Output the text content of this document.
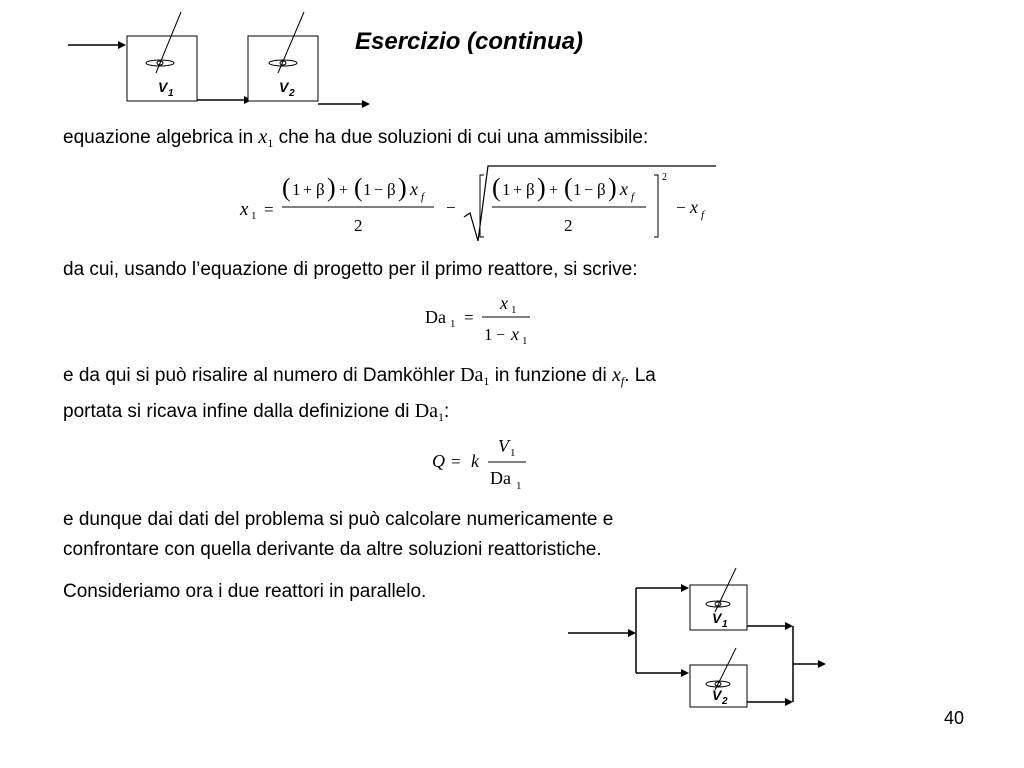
Esercizio (continua)
V 1	V 2
equazione algebrica in $x_1$ che ha due soluzioni di cui una ammissibile:
x 1 =
( 1 + β ) + ( 1 − β ) x f
2
−
( 1 + β ) + ( 1 − β ) x f
2
2
− x f
da cui, usando l’equazione di progetto per il primo reattore, si scrive:
Da 1 =
x 1
1 − x 1
e da qui si può risalire al numero di Damköhler $Da_1$ in funzione di $x_f$. La
portata si ricava infine dalla definizione di $Da_1$:
Q = k
V 1
Da 1
e dunque dai dati del problema si può calcolare numericamente e
confrontare con quella derivante da altre soluzioni reattoristiche.
Consideriamo ora i due reattori in parallelo.
V 1
V 2
40
